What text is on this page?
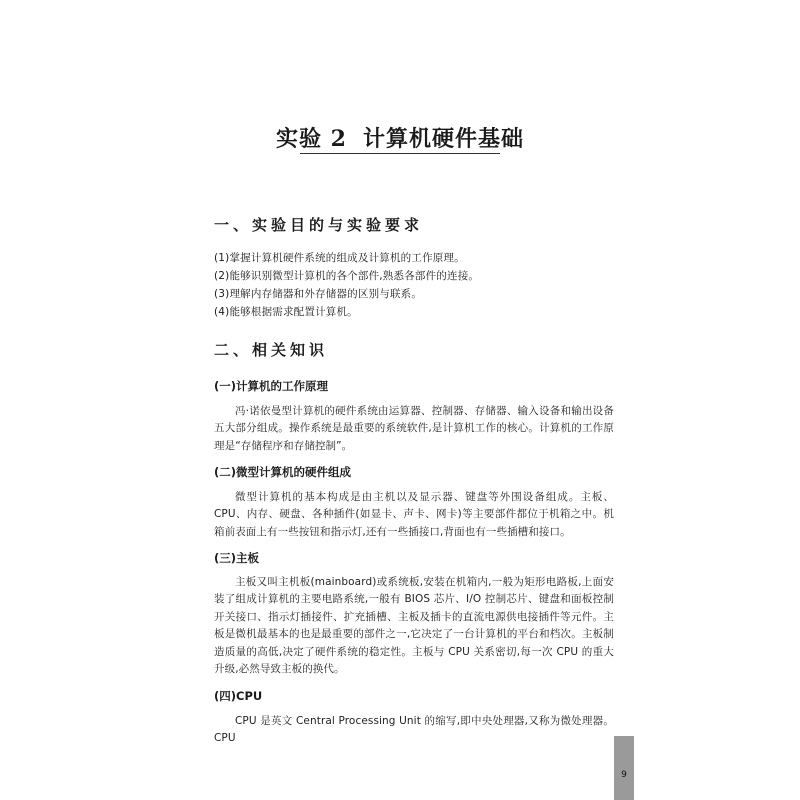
实验 2 计算机硬件基础
一、实验目的与实验要求
(1)掌握计算机硬件系统的组成及计算机的工作原理。
(2)能够识别微型计算机的各个部件,熟悉各部件的连接。
(3)理解内存储器和外存储器的区别与联系。
(4)能够根据需求配置计算机。
二、相关知识
(一)计算机的工作原理
冯·诺依曼型计算机的硬件系统由运算器、控制器、存储器、输入设备和输出设备五大部分组成。操作系统是最重要的系统软件,是计算机工作的核心。计算机的工作原理是“存储程序和存储控制”。
(二)微型计算机的硬件组成
微型计算机的基本构成是由主机以及显示器、键盘等外围设备组成。主板、CPU、内存、硬盘、各种插件(如显卡、声卡、网卡)等主要部件都位于机箱之中。机箱前表面上有一些按钮和指示灯,还有一些插接口,背面也有一些插槽和接口。
(三)主板
主板又叫主机板(mainboard)或系统板,安装在机箱内,一般为矩形电路板,上面安装了组成计算机的主要电路系统,一般有 BIOS 芯片、I/O 控制芯片、键盘和面板控制开关接口、指示灯插接件、扩充插槽、主板及插卡的直流电源供电接插件等元件。主板是微机最基本的也是最重要的部件之一,它决定了一台计算机的平台和档次。主板制造质量的高低,决定了硬件系统的稳定性。主板与 CPU 关系密切,每一次 CPU 的重大升级,必然导致主板的换代。
(四)CPU
CPU 是英文 Central Processing Unit 的缩写,即中央处理器,又称为微处理器。CPU
9
